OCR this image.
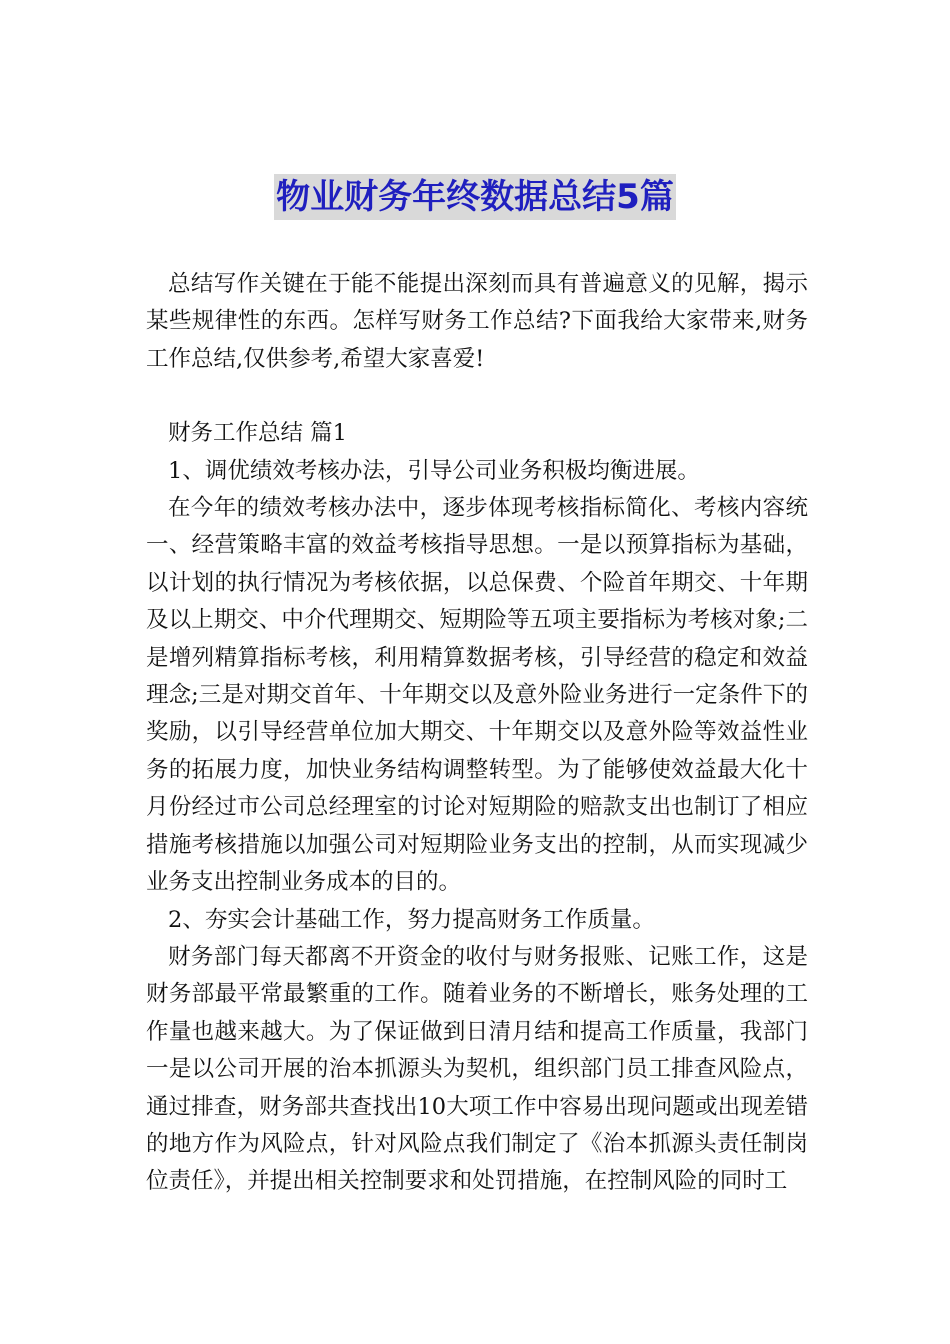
物业财务年终数据总结5篇

总结写作关键在于能不能提出深刻而具有普遍意义的见解，揭示某些规律性的东西。怎样写财务工作总结?下面我给大家带来,财务工作总结,仅供参考,希望大家喜爱!

财务工作总结 篇1

1、调优绩效考核办法，引导公司业务积极均衡进展。

在今年的绩效考核办法中，逐步体现考核指标简化、考核内容统一、经营策略丰富的效益考核指导思想。一是以预算指标为基础，以计划的执行情况为考核依据，以总保费、个险首年期交、十年期及以上期交、中介代理期交、短期险等五项主要指标为考核对象;二是增列精算指标考核，利用精算数据考核，引导经营的稳定和效益理念;三是对期交首年、十年期交以及意外险业务进行一定条件下的奖励，以引导经营单位加大期交、十年期交以及意外险等效益性业务的拓展力度，加快业务结构调整转型。为了能够使效益最大化十月份经过市公司总经理室的讨论对短期险的赔款支出也制订了相应措施考核措施以加强公司对短期险业务支出的控制，从而实现减少业务支出控制业务成本的目的。

2、夯实会计基础工作，努力提高财务工作质量。

财务部门每天都离不开资金的收付与财务报账、记账工作，这是财务部最平常最繁重的工作。随着业务的不断增长，账务处理的工作量也越来越大。为了保证做到日清月结和提高工作质量，我部门一是以公司开展的治本抓源头为契机，组织部门员工排查风险点，通过排查，财务部共查找出10大项工作中容易出现问题或出现差错的地方作为风险点，针对风险点我们制定了《治本抓源头责任制岗位责任》，并提出相关控制要求和处罚措施，在控制风险的同时工
